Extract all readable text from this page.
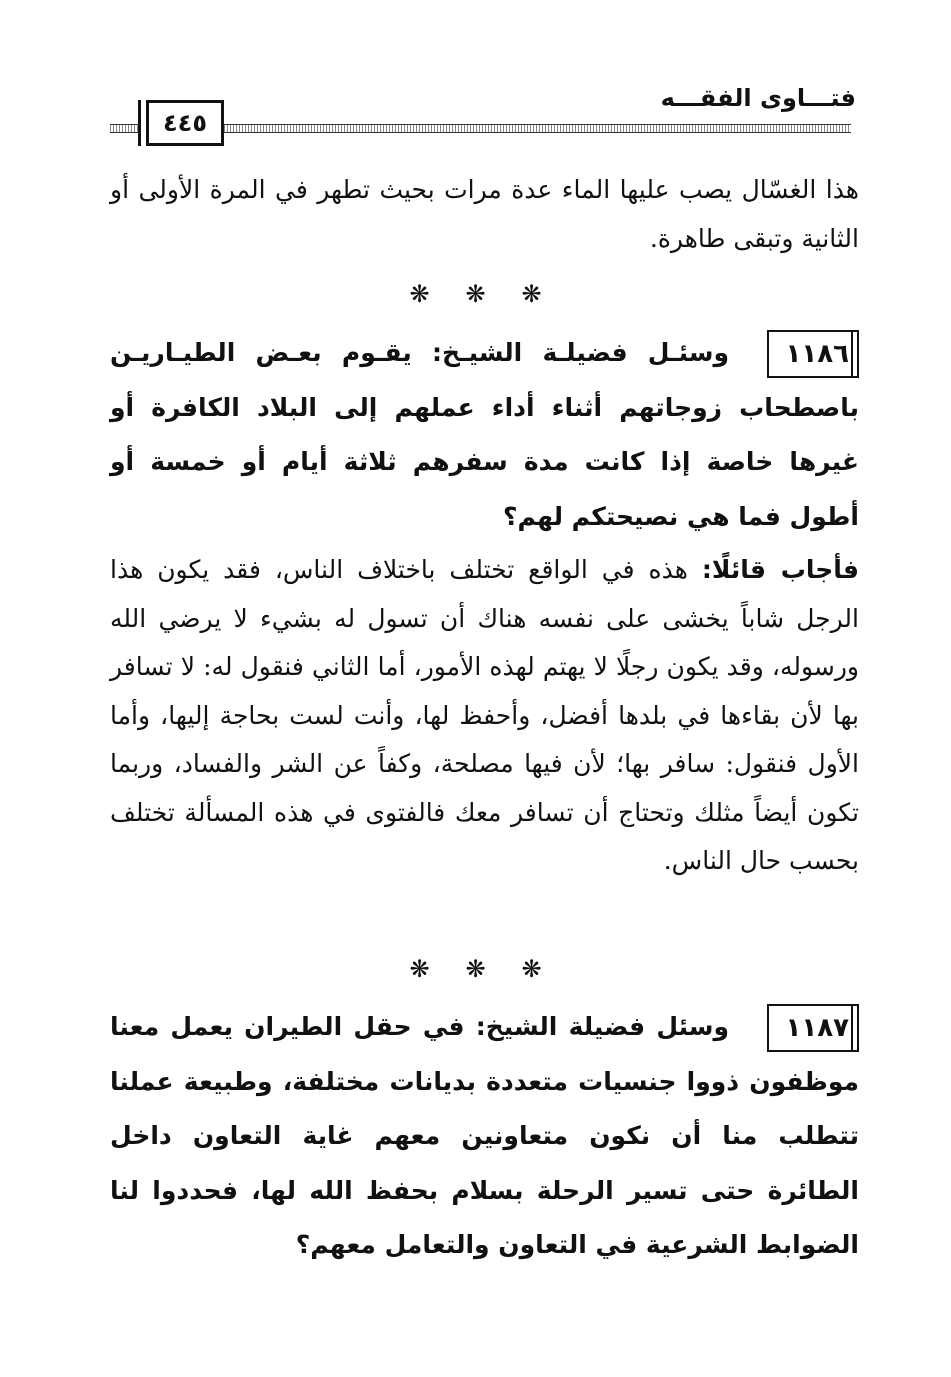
فتـــاوى الفقـــه
٤٤٥

هذا الغسّال يصب عليها الماء عدة مرات بحيث تطهر في المرة الأولى أو الثانية وتبقى طاهرة.

❋ ❋ ❋

١١٨٦
وسئـل فضيلـة الشيـخ: يقـوم بعـض الطيـاريـن باصطحاب زوجاتهم أثناء أداء عملهم إلى البلاد الكافرة أو غيرها خاصة إذا كانت مدة سفرهم ثلاثة أيام أو خمسة أو أطول فما هي نصيحتكم لهم؟

فأجاب قائلًا: هذه في الواقع تختلف باختلاف الناس، فقد يكون هذا الرجل شاباً يخشى على نفسه هناك أن تسول له بشيء لا يرضي الله ورسوله، وقد يكون رجلًا لا يهتم لهذه الأمور، أما الثاني فنقول له: لا تسافر بها لأن بقاءها في بلدها أفضل، وأحفظ لها، وأنت لست بحاجة إليها، وأما الأول فنقول: سافر بها؛ لأن فيها مصلحة، وكفاً عن الشر والفساد، وربما تكون أيضاً مثلك وتحتاج أن تسافر معك فالفتوى في هذه المسألة تختلف بحسب حال الناس.

❋ ❋ ❋

١١٨٧
وسئل فضيلة الشيخ: في حقل الطيران يعمل معنا موظفون ذووا جنسيات متعددة بديانات مختلفة، وطبيعة عملنا تتطلب منا أن نكون متعاونين معهم غاية التعاون داخل الطائرة حتى تسير الرحلة بسلام بحفظ الله لها، فحددوا لنا الضوابط الشرعية في التعاون والتعامل معهم؟
